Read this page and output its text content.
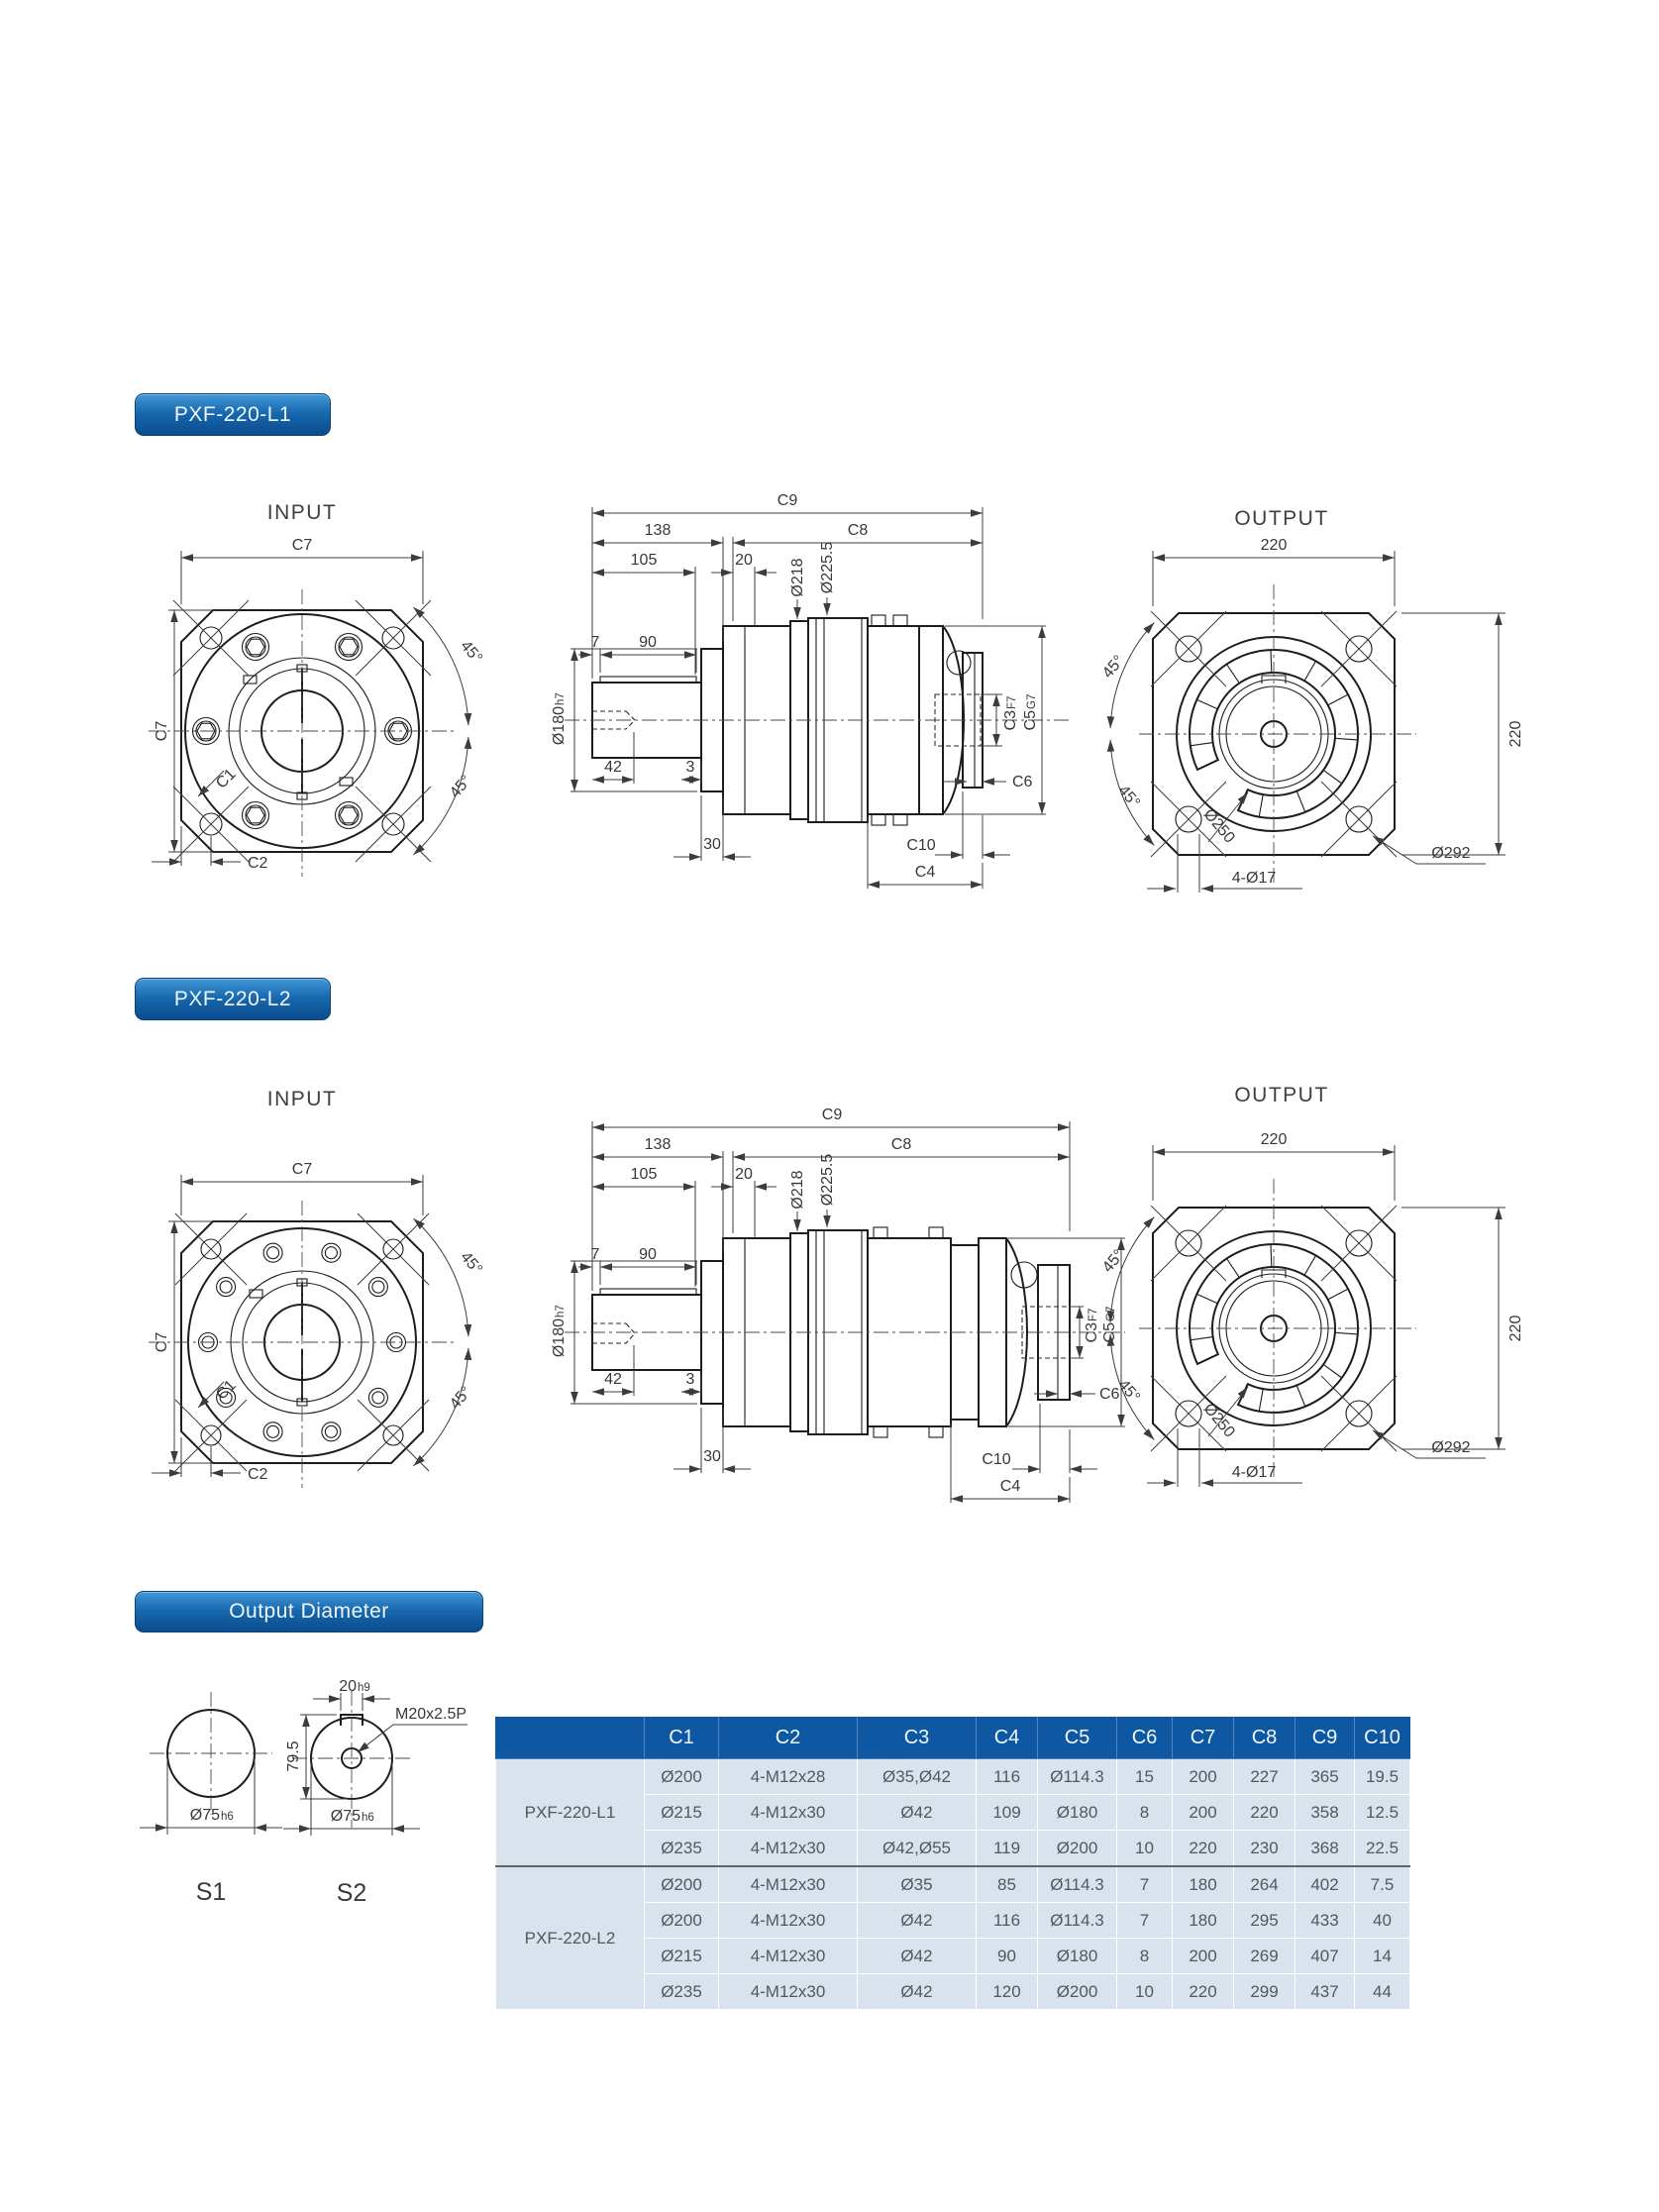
PXF-220-L1
INPUT
C7
C7
C2
C1
45°
45°
C9
138	C8
105	20 Ø218 Ø225.5
7 90
Ø180
h7
42	3
30	C10
C4
C6
C3
F7
C5
G7
OUTPUT
220
220
45°
45°
Ø250
4-Ø17
Ø292
PXF-220-L2
INPUT
C7
C7
C2
C1
45°
45°
C9
138	C8
105	20 Ø218 Ø225.5
7 90
Ø180
h7
42	3
30	C10
C4
C6
C3
F7
C5
G7
OUTPUT
220
220
45°
45°
Ø250
4-Ø17
Ø292
Output Diameter
Ø75 h6
S1
20 h9
M20x2.5P
79.5
Ø75 h6
S2
	C1	C2	C3	C4	C5	C6	C7	C8	C9	C10
PXF-220-L1	Ø200	4-M12x28	Ø35,Ø42	116	Ø114.3	15	200	227	365	19.5
	Ø215	4-M12x30	Ø42	109	Ø180	8	200	220	358	12.5
	Ø235	4-M12x30	Ø42,Ø55	119	Ø200	10	220	230	368	22.5
PXF-220-L2	Ø200	4-M12x30	Ø35	85	Ø114.3	7	180	264	402	7.5
	Ø200	4-M12x30	Ø42	116	Ø114.3	7	180	295	433	40
	Ø215	4-M12x30	Ø42	90	Ø180	8	200	269	407	14
	Ø235	4-M12x30	Ø42	120	Ø200	10	220	299	437	44
